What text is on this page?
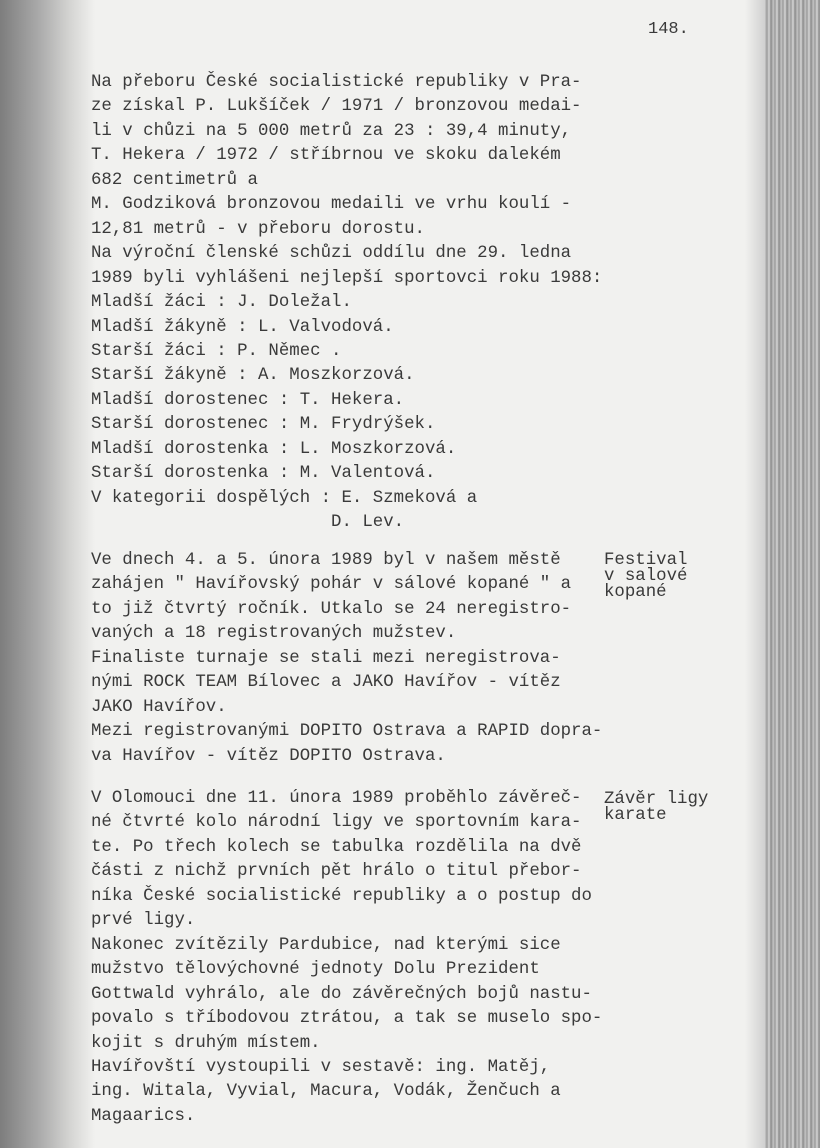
148.
Na přeboru České socialistické republiky v Pra-
ze získal P. Lukšíček / 1971 / bronzovou medai-
li v chůzi na 5 000 metrů za 23 : 39,4 minuty,
T. Hekera / 1972 / stříbrnou ve skoku dalekém
682 centimetrů a
M. Godziková bronzovou medaili ve vrhu koulí -
12,81 metrů - v přeboru dorostu.
Na výroční členské schůzi oddílu dne 29. ledna
1989 byli vyhlášeni nejlepší sportovci roku 1988:
Mladší žáci : J. Doležal.
Mladší žákyně : L. Valvodová.
Starší žáci : P. Němec .
Starší žákyně : A. Moszkorzová.
Mladší dorostenec : T. Hekera.
Starší dorostenec : M. Frydrýšek.
Mladší dorostenka : L. Moszkorzová.
Starší dorostenka : M. Valentová.
V kategorii dospělých : E. Szmeková a
D. Lev.
Ve dnech 4. a 5. února 1989 byl v našem městě
zahájen " Havířovský pohár v sálové kopané " a
to již čtvrtý ročník. Utkalo se 24 neregistro-
vaných a 18 registrovaných mužstev.
Finaliste turnaje se stali mezi neregistrova-
nými ROCK TEAM Bílovec a JAKO Havířov - vítěz
JAKO Havířov.
Mezi registrovanými DOPITO Ostrava a RAPID dopra-
va Havířov - vítěz DOPITO Ostrava.
Festival
v salové
kopané
V Olomouci dne 11. února 1989 proběhlo závěreč-
né čtvrté kolo národní ligy ve sportovním kara-
te. Po třech kolech se tabulka rozdělila na dvě
části z nichž prvních pět hrálo o titul přebor-
níka České socialistické republiky a o postup do
prvé ligy.
Nakonec zvítězily Pardubice, nad kterými sice
mužstvo tělovýchovné jednoty Dolu Prezident
Gottwald vyhrálo, ale do závěrečných bojů nastu-
povalo s tříbodovou ztrátou, a tak se muselo spo-
kojit s druhým místem.
Havířovští vystoupili v sestavě: ing. Matěj,
ing. Witala, Vyvial, Macura, Vodák, Ženčuch a
Magaarics.
Závěr ligy
karate
